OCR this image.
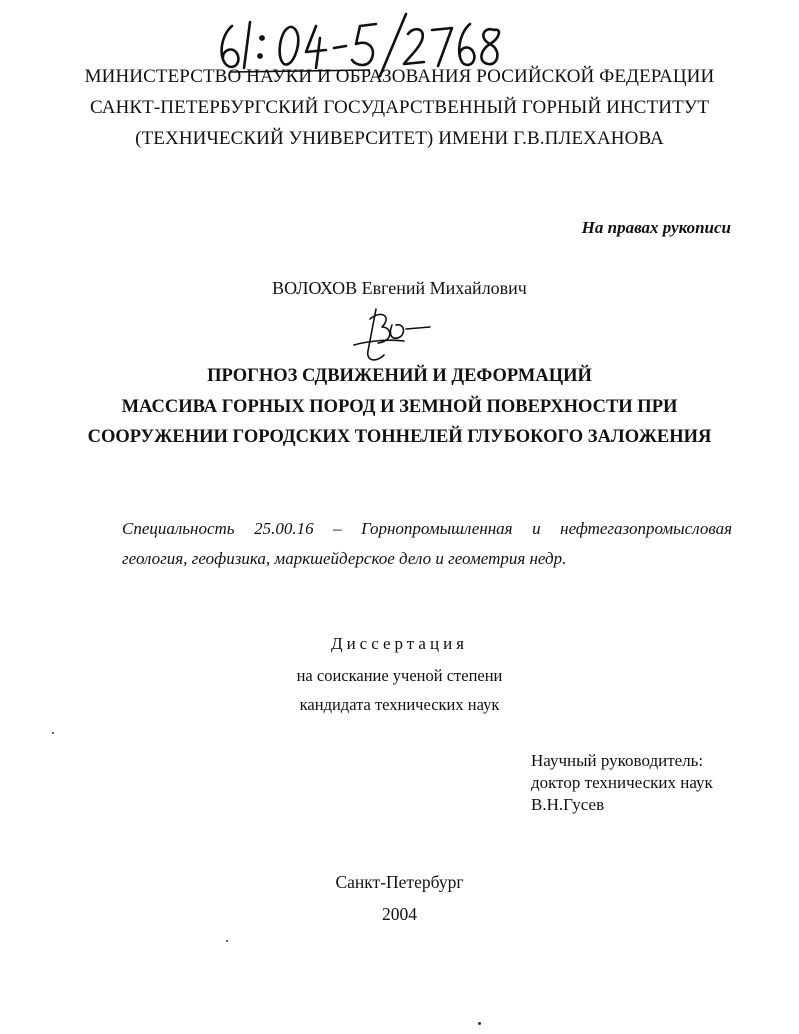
МИНИСТЕРСТВО НАУКИ И ОБРАЗОВАНИЯ РОСИЙСКОЙ ФЕДЕРАЦИИ
САНКТ-ПЕТЕРБУРГСКИЙ ГОСУДАРСТВЕННЫЙ ГОРНЫЙ ИНСТИТУТ
(ТЕХНИЧЕСКИЙ УНИВЕРСИТЕТ) ИМЕНИ Г.В.ПЛЕХАНОВА
На правах рукописи
ВОЛОХОВ Евгений Михайлович
ПРОГНОЗ СДВИЖЕНИЙ И ДЕФОРМАЦИЙ
МАССИВА ГОРНЫХ ПОРОД И ЗЕМНОЙ ПОВЕРХНОСТИ ПРИ
СООРУЖЕНИИ ГОРОДСКИХ ТОННЕЛЕЙ ГЛУБОКОГО ЗАЛОЖЕНИЯ
Специальность 25.00.16 – Горнопромышленная и нефтегазопромысловая
геология, геофизика, маркшейдерское дело и геометрия недр.
Диссертация
на соискание ученой степени
кандидата технических наук
Научный руководитель:
доктор технических наук
В.Н.Гусев
Санкт-Петербург
2004
